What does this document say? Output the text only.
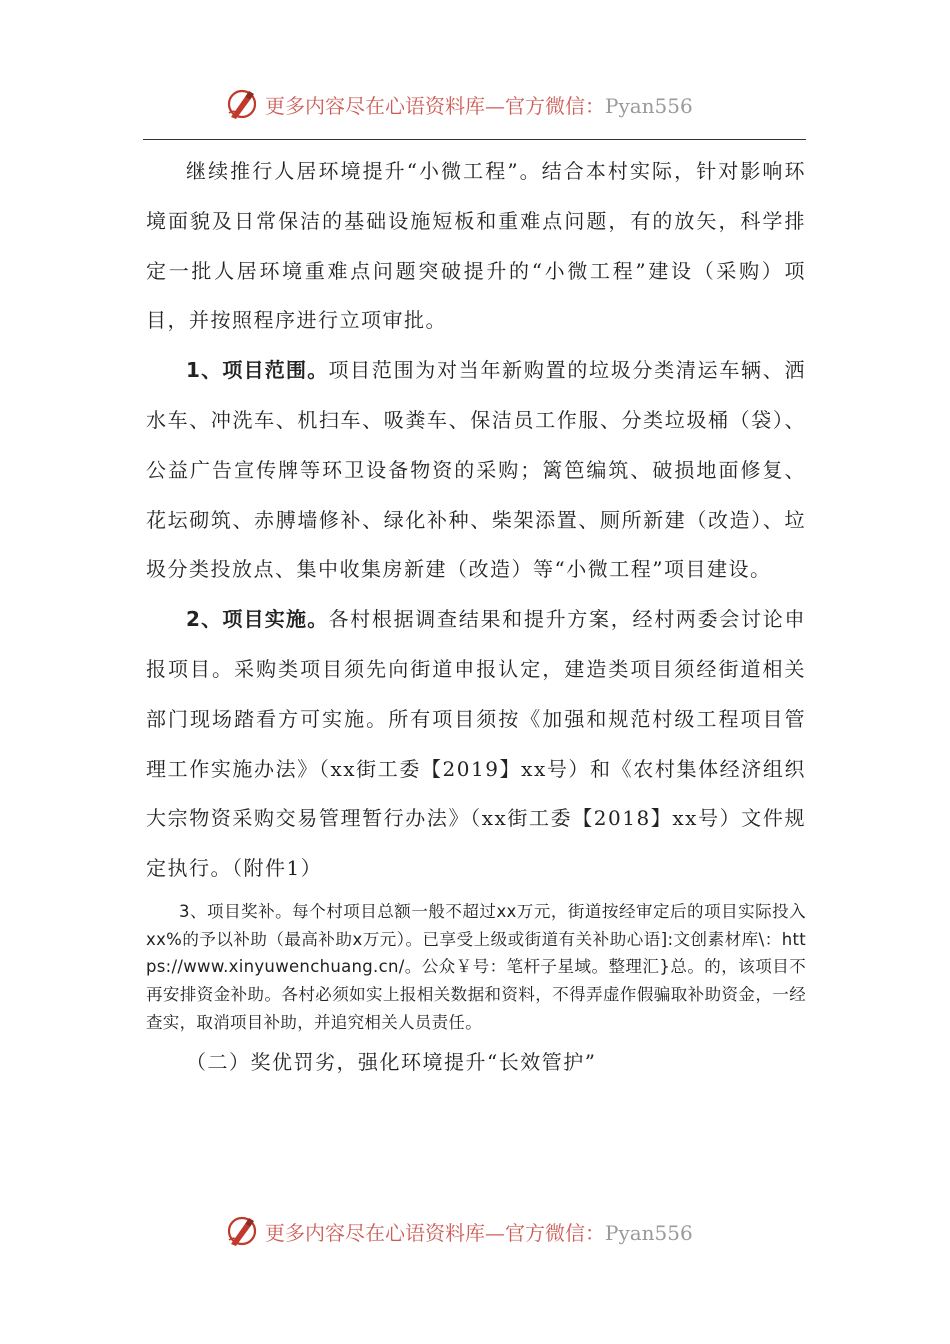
更多内容尽在心语资料库—官方微信：Pyan556

继续推行人居环境提升“小微工程”。结合本村实际，针对影响环境面貌及日常保洁的基础设施短板和重难点问题，有的放矢，科学排定一批人居环境重难点问题突破提升的“小微工程”建设（采购）项目，并按照程序进行立项审批。

1、项目范围。项目范围为对当年新购置的垃圾分类清运车辆、洒水车、冲洗车、机扫车、吸粪车、保洁员工作服、分类垃圾桶（袋）、公益广告宣传牌等环卫设备物资的采购；篱笆编筑、破损地面修复、花坛砌筑、赤膊墙修补、绿化补种、柴架添置、厕所新建（改造）、垃圾分类投放点、集中收集房新建（改造）等“小微工程”项目建设。

2、项目实施。各村根据调查结果和提升方案，经村两委会讨论申报项目。采购类项目须先向街道申报认定，建造类项目须经街道相关部门现场踏看方可实施。所有项目须按《加强和规范村级工程项目管理工作实施办法》（xx街工委【2019】xx号）和《农村集体经济组织大宗物资采购交易管理暂行办法》（xx街工委【2018】xx号）文件规定执行。（附件1）

3、项目奖补。每个村项目总额一般不超过xx万元，街道按经审定后的项目实际投入xx%的予以补助（最高补助x万元）。已享受上级或街道有关补助心语]:文创素材库\：https://www.xinyuwenchuang.cn/。公众￥号：笔杆子星域。整理汇}总。的，该项目不再安排资金补助。各村必须如实上报相关数据和资料，不得弄虚作假骗取补助资金，一经查实，取消项目补助，并追究相关人员责任。

（二）奖优罚劣，强化环境提升“长效管护”

更多内容尽在心语资料库—官方微信：Pyan556
